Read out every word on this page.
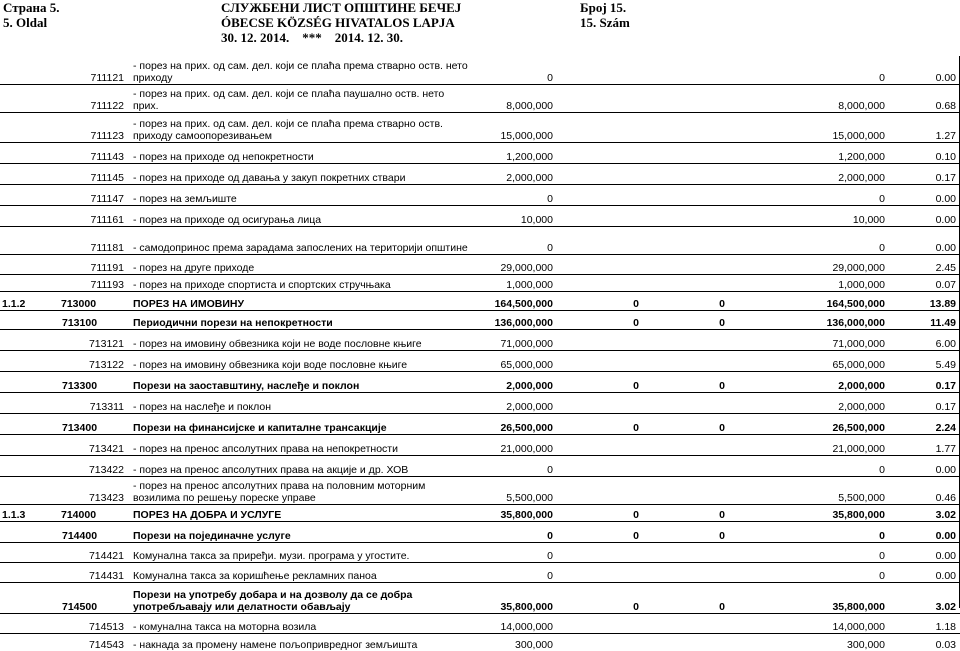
Страна 5.
5. Oldal
СЛУЖБЕНИ ЛИСТ ОПШТИНЕ БЕЧЕЈ
ÓBECSE KÖZSÉG HIVATALOS LAPJA
30. 12. 2014.    ***    2014. 12. 30.
Број 15.
15. Szám
	711121	- порез на прих. од сам. дел. који се плаћа према стварно оств. нето приходу	0			0	0.00
	711122	- порез на прих. од сам. дел. који се плаћа паушално оств. нето прих.	8,000,000			8,000,000	0.68
	711123	- порез на прих. од сам. дел. који се плаћа према стварно оств. приходу самоопорезивањем	15,000,000			15,000,000	1.27
	711143	- порез на приходе од непокретности	1,200,000			1,200,000	0.10
	711145	- порез на приходе од давања у закуп покретних ствари	2,000,000			2,000,000	0.17
	711147	- порез на земљиште	0			0	0.00
	711161	- порез на приходе од осигурања лица	10,000			10,000	0.00
	711181	- самодопринос према зарадама запослених на територији општине	0			0	0.00
	711191	- порез на друге приходе	29,000,000			29,000,000	2.45
	711193	- порез на приходе спортиста и спортских стручњака	1,000,000			1,000,000	0.07
1.1.2	713000	ПОРЕЗ НА ИМОВИНУ	164,500,000	0	0	164,500,000	13.89
	713100	Периодични порези на непокретности	136,000,000	0	0	136,000,000	11.49
	713121	- порез на имовину обвезника који не воде пословне књиге	71,000,000			71,000,000	6.00
	713122	- порез на имовину обвезника који воде пословне књиге	65,000,000			65,000,000	5.49
	713300	Порези на заоставштину, наслеђе и поклон	2,000,000	0	0	2,000,000	0.17
	713311	- порез на наслеђе и поклон	2,000,000			2,000,000	0.17
	713400	Порези на финансијске и капиталне трансакције	26,500,000	0	0	26,500,000	2.24
	713421	- порез на пренос апсолутних права на непокретности	21,000,000			21,000,000	1.77
	713422	- порез на пренос апсолутних права на акције и др. ХОВ	0			0	0.00
	713423	- порез на пренос апсолутних права на половним моторним возилима по решењу пореске управе	5,500,000			5,500,000	0.46
1.1.3	714000	ПОРЕЗ НА ДОБРА И УСЛУГЕ	35,800,000	0	0	35,800,000	3.02
	714400	Порези на појединачне услуге	0	0	0	0	0.00
	714421	Комунална такса за приређи. музи. програма у угостите.	0			0	0.00
	714431	Комунална такса за коришћење рекламних паноа	0			0	0.00
	714500	Порези на употребу добара и на дозволу да се добра употребљавају или делатности обављају	35,800,000	0	0	35,800,000	3.02
	714513	- комунална такса на моторна возила	14,000,000			14,000,000	1.18
	714543	- накнада за промену намене пољопривредног земљишта	300,000			300,000	0.03
